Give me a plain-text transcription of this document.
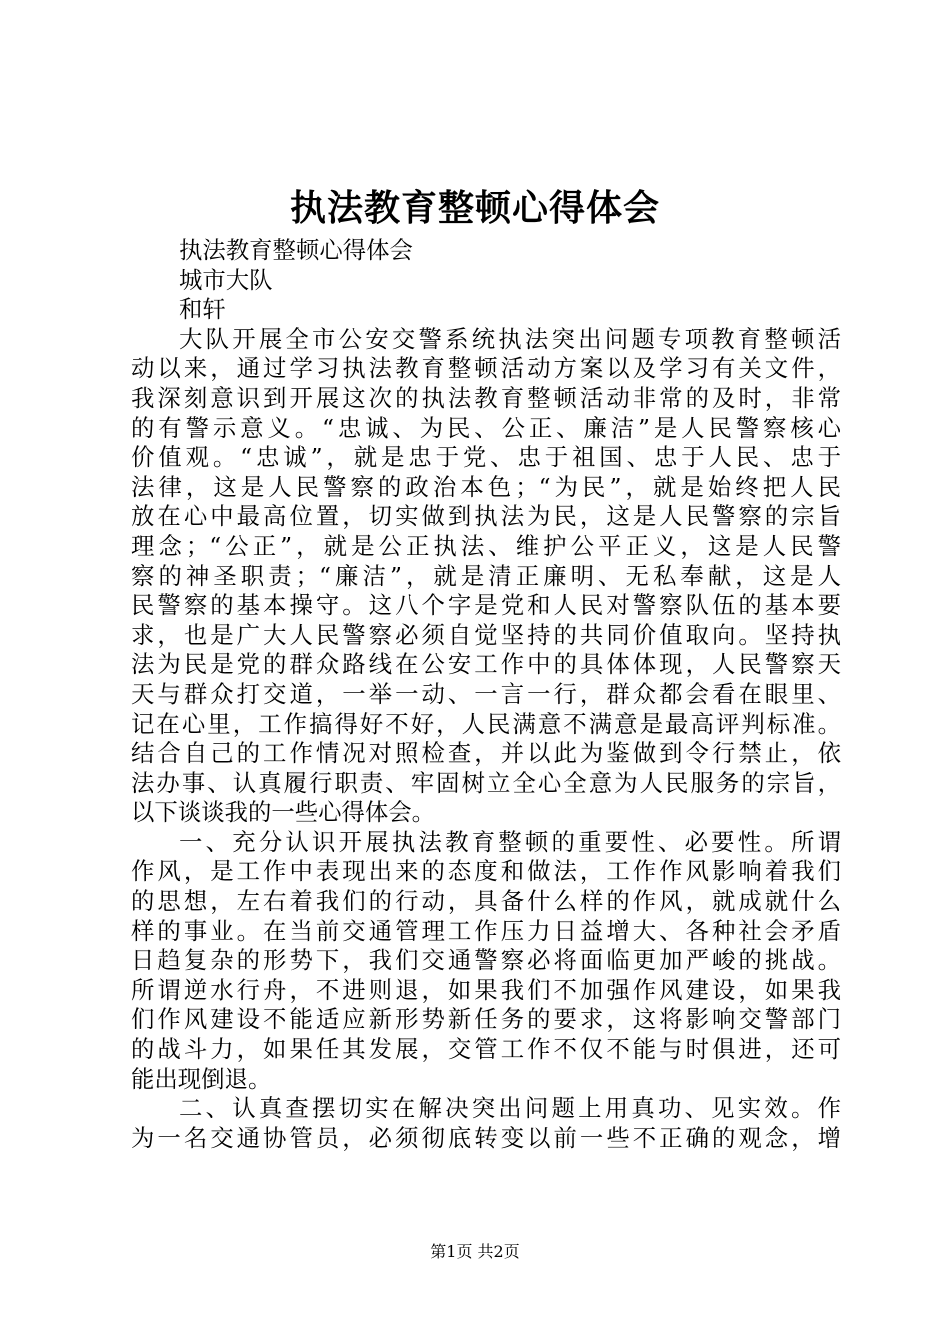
执法教育整顿心得体会
执法教育整顿心得体会
城市大队
和轩
大队开展全市公安交警系统执法突出问题专项教育整顿活
动以来，通过学习执法教育整顿活动方案以及学习有关文件，
我深刻意识到开展这次的执法教育整顿活动非常的及时，非常
的有警示意义。“忠诚、为民、公正、廉洁”是人民警察核心
价值观。“忠诚”，就是忠于党、忠于祖国、忠于人民、忠于
法律，这是人民警察的政治本色；“为民”，就是始终把人民
放在心中最高位置，切实做到执法为民，这是人民警察的宗旨
理念；“公正”，就是公正执法、维护公平正义，这是人民警
察的神圣职责；“廉洁”，就是清正廉明、无私奉献，这是人
民警察的基本操守。这八个字是党和人民对警察队伍的基本要
求，也是广大人民警察必须自觉坚持的共同价值取向。坚持执
法为民是党的群众路线在公安工作中的具体体现，人民警察天
天与群众打交道，一举一动、一言一行，群众都会看在眼里、
记在心里，工作搞得好不好，人民满意不满意是最高评判标准。
结合自己的工作情况对照检查，并以此为鉴做到令行禁止，依
法办事、认真履行职责、牢固树立全心全意为人民服务的宗旨，
以下谈谈我的一些心得体会。
一、充分认识开展执法教育整顿的重要性、必要性。所谓
作风，是工作中表现出来的态度和做法，工作作风影响着我们
的思想，左右着我们的行动，具备什么样的作风，就成就什么
样的事业。在当前交通管理工作压力日益增大、各种社会矛盾
日趋复杂的形势下，我们交通警察必将面临更加严峻的挑战。
所谓逆水行舟，不进则退，如果我们不加强作风建设，如果我
们作风建设不能适应新形势新任务的要求，这将影响交警部门
的战斗力，如果任其发展，交管工作不仅不能与时俱进，还可
能出现倒退。
二、认真查摆切实在解决突出问题上用真功、见实效。作
为一名交通协管员，必须彻底转变以前一些不正确的观念，增
第1页 共2页
